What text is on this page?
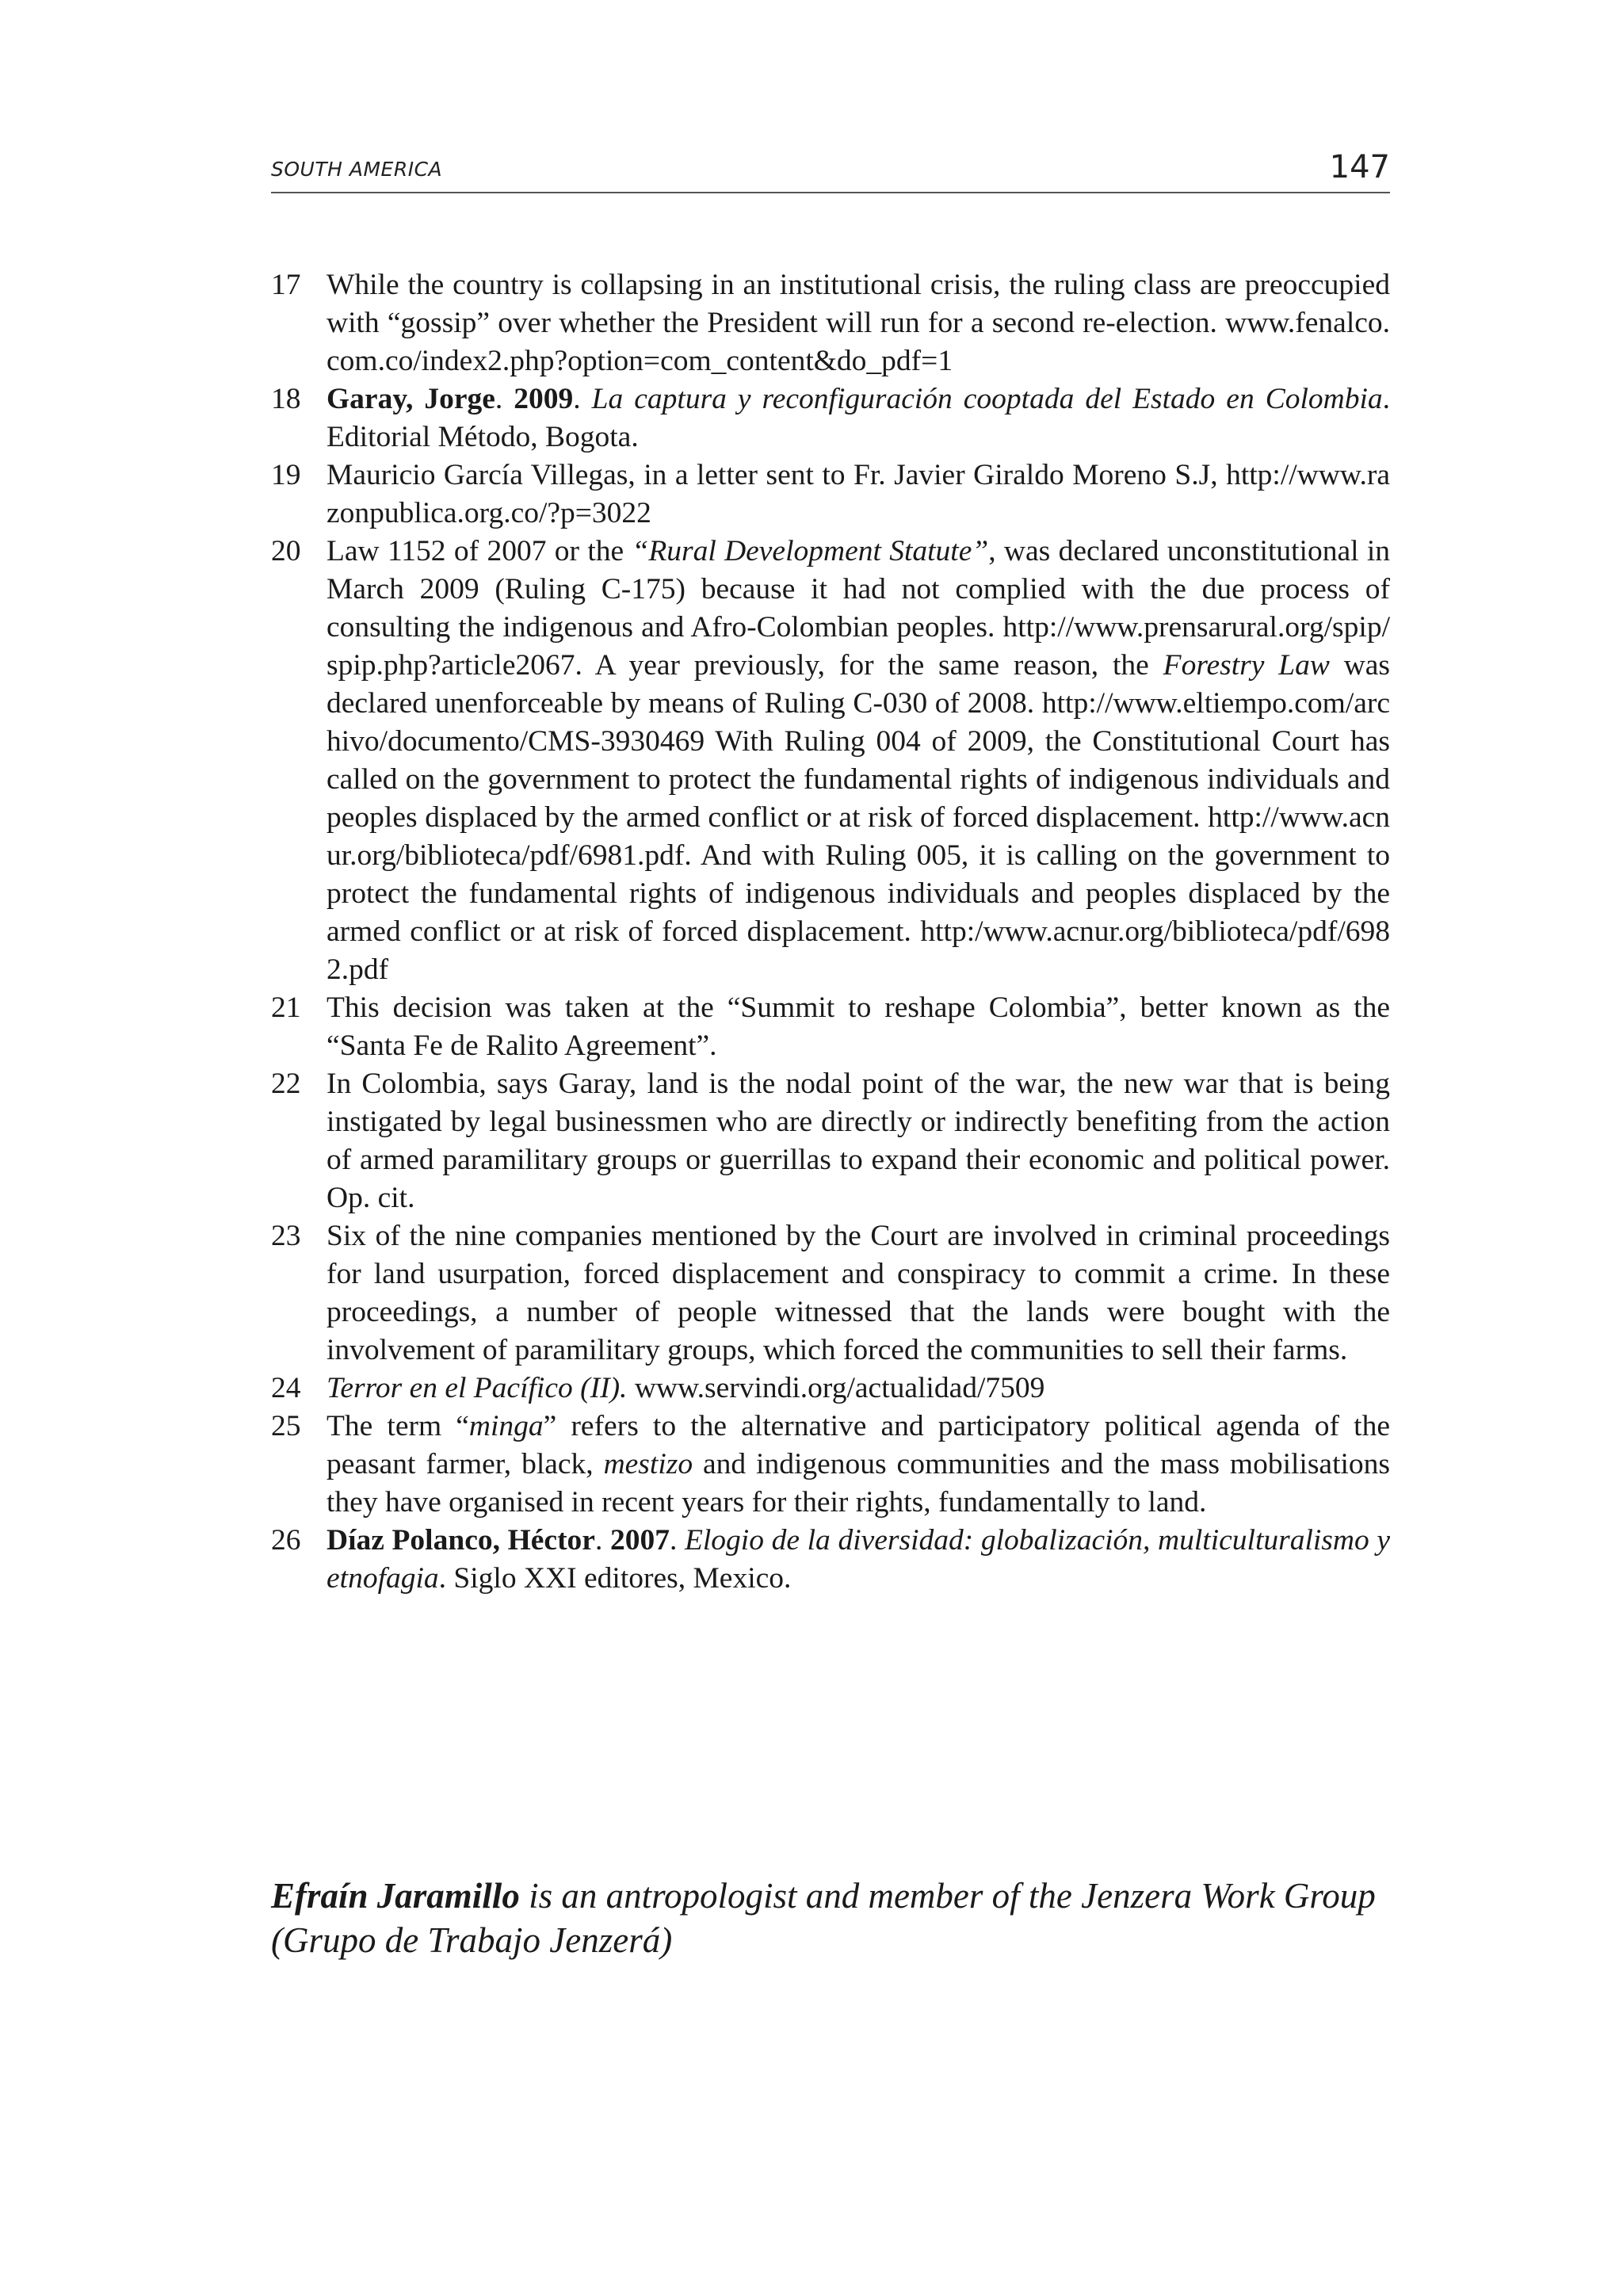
SOUTH AMERICA	147
17 While the country is collapsing in an institutional crisis, the ruling class are preoccupied with “gossip” over whether the President will run for a second re-election. www.fenalco.com.co/index2.php?option=com_content&do_pdf=1
18 Garay, Jorge. 2009. La captura y reconfiguración cooptada del Estado en Colombia. Editorial Método, Bogota.
19 Mauricio García Villegas, in a letter sent to Fr. Javier Giraldo Moreno S.J, http://www.razonpublica.org.co/?p=3022
20 Law 1152 of 2007 or the “Rural Development Statute”, was declared unconstitutional in March 2009 (Ruling C-175) because it had not complied with the due process of consulting the indigenous and Afro-Colombian peoples. http://www.prensarural.org/spip/spip.php?article2067. A year previously, for the same reason, the Forestry Law was declared unenforceable by means of Ruling C-030 of 2008. http://www.eltiempo.com/archivo/documento/CMS-3930469 With Ruling 004 of 2009, the Constitutional Court has called on the government to protect the fundamental rights of indigenous individuals and peoples displaced by the armed conflict or at risk of forced displacement. http://www.acnur.org/biblioteca/pdf/6981.pdf. And with Ruling 005, it is calling on the government to protect the fundamental rights of indigenous individuals and peoples displaced by the armed conflict or at risk of forced displacement. http:/www.acnur.org/biblioteca/pdf/6982.pdf
21 This decision was taken at the “Summit to reshape Colombia”, better known as the “Santa Fe de Ralito Agreement”.
22 In Colombia, says Garay, land is the nodal point of the war, the new war that is being instigated by legal businessmen who are directly or indirectly benefiting from the action of armed paramilitary groups or guerrillas to expand their economic and political power. Op. cit.
23 Six of the nine companies mentioned by the Court are involved in criminal proceedings for land usurpation, forced displacement and conspiracy to commit a crime. In these proceedings, a number of people witnessed that the lands were bought with the involvement of paramilitary groups, which forced the communities to sell their farms.
24 Terror en el Pacífico (II). www.servindi.org/actualidad/7509
25 The term “minga” refers to the alternative and participatory political agenda of the peasant farmer, black, mestizo and indigenous communities and the mass mobilisations they have organised in recent years for their rights, fundamentally to land.
26 Díaz Polanco, Héctor. 2007. Elogio de la diversidad: globalización, multiculturalismo y etnofagia. Siglo XXI editores, Mexico.

Efraín Jaramillo is an antropologist and member of the Jenzera Work Group (Grupo de Trabajo Jenzerá)
